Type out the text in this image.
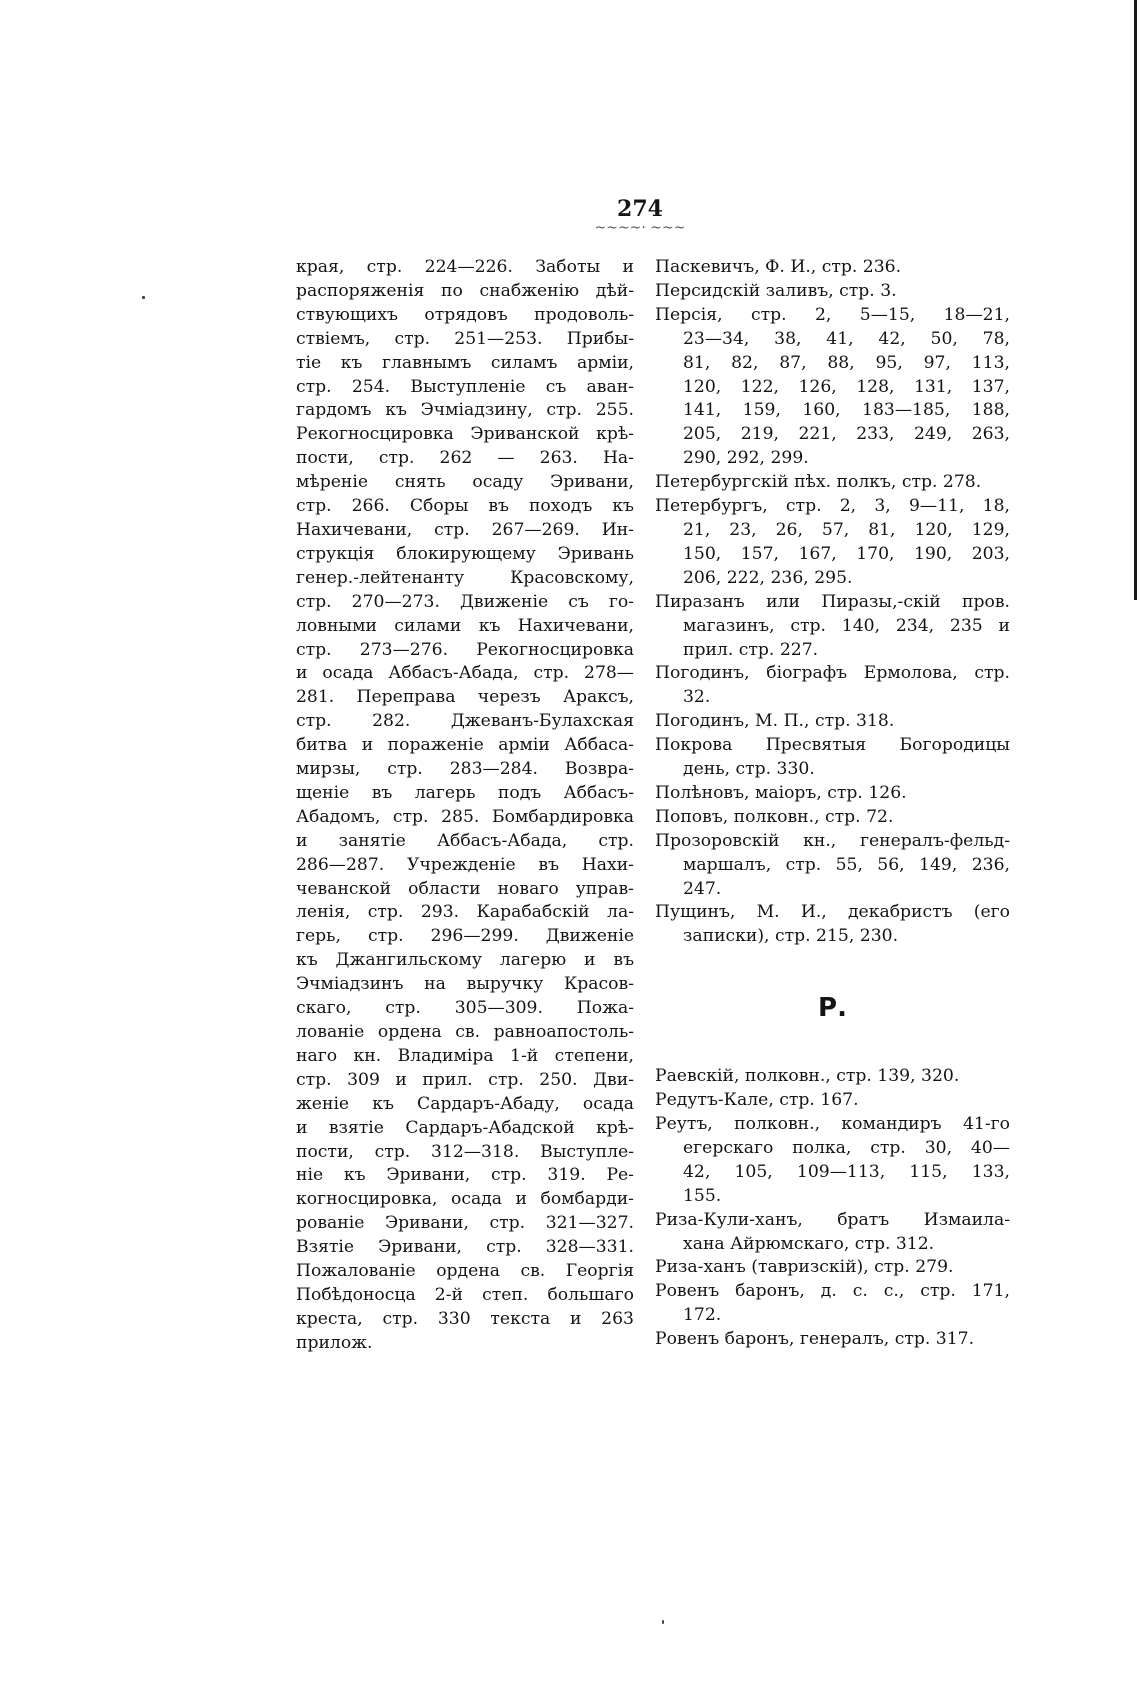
274
~~~~· ~~~
края, стр. 224—226. Заботы и
распоряженія по снабженію дѣй-
ствующихъ отрядовъ продоволь-
ствіемъ, стр. 251—253. Прибы-
тіе къ главнымъ силамъ арміи,
стр. 254. Выступленіе съ аван-
гардомъ къ Эчміадзину, стр. 255.
Рекогносцировка Эриванской крѣ-
пости, стр. 262 — 263. На-
мѣреніе снять осаду Эривани,
стр. 266. Сборы въ походъ къ
Нахичевани, стр. 267—269. Ин-
струкція блокирующему Эривань
генер.-лейтенанту Красовскому,
стр. 270—273. Движеніе съ го-
ловными силами къ Нахичевани,
стр. 273—276. Рекогносцировка
и осада Аббасъ-Абада, стр. 278—
281. Переправа черезъ Араксъ,
стр. 282. Джеванъ-Булахская
битва и пораженіе арміи Аббаса-
мирзы, стр. 283—284. Возвра-
щеніе въ лагерь подъ Аббасъ-
Абадомъ, стр. 285. Бомбардировка
и занятіе Аббасъ-Абада, стр.
286—287. Учрежденіе въ Нахи-
чеванской области новаго управ-
ленія, стр. 293. Карабабскій ла-
герь, стр. 296—299. Движеніе
къ Джангильскому лагерю и въ
Эчміадзинъ на выручку Красов-
скаго, стр. 305—309. Пожа-
лованіе ордена св. равноапостоль-
наго кн. Владиміра 1-й степени,
стр. 309 и прил. стр. 250. Дви-
женіе къ Сардаръ-Абаду, осада
и взятіе Сардаръ-Абадской крѣ-
пости, стр. 312—318. Выступле-
ніе къ Эривани, стр. 319. Ре-
когносцировка, осада и бомбарди-
рованіе Эривани, стр. 321—327.
Взятіе Эривани, стр. 328—331.
Пожалованіе ордена св. Георгія
Побѣдоносца 2-й степ. большаго
креста, стр. 330 текста и 263
прилож.
Паскевичъ, Ф. И., стр. 236.
Персидскій заливъ, стр. 3.
Персія, стр. 2, 5—15, 18—21,
23—34, 38, 41, 42, 50, 78,
81, 82, 87, 88, 95, 97, 113,
120, 122, 126, 128, 131, 137,
141, 159, 160, 183—185, 188,
205, 219, 221, 233, 249, 263,
290, 292, 299.
Петербургскій пѣх. полкъ, стр. 278.
Петербургъ, стр. 2, 3, 9—11, 18,
21, 23, 26, 57, 81, 120, 129,
150, 157, 167, 170, 190, 203,
206, 222, 236, 295.
Пиразанъ или Пиразы,-скій пров.
магазинъ, стр. 140, 234, 235 и
прил. стр. 227.
Погодинъ, біографъ Ермолова, стр.
32.
Погодинъ, М. П., стр. 318.
Покрова Пресвятыя Богородицы
день, стр. 330.
Полѣновъ, маіоръ, стр. 126.
Поповъ, полковн., стр. 72.
Прозоровскій кн., генералъ-фельд-
маршалъ, стр. 55, 56, 149, 236,
247.
Пущинъ, М. И., декабристъ (его
записки), стр. 215, 230.
Р.
Раевскій, полковн., стр. 139, 320.
Редутъ-Кале, стр. 167.
Реутъ, полковн., командиръ 41-го
егерскаго полка, стр. 30, 40—
42, 105, 109—113, 115, 133,
155.
Риза-Кули-ханъ, братъ Измаилa-
хана Айрюмскаго, стр. 312.
Риза-ханъ (тавризскій), стр. 279.
Ровенъ баронъ, д. с. с., стр. 171,
172.
Ровенъ баронъ, генералъ, стр. 317.
